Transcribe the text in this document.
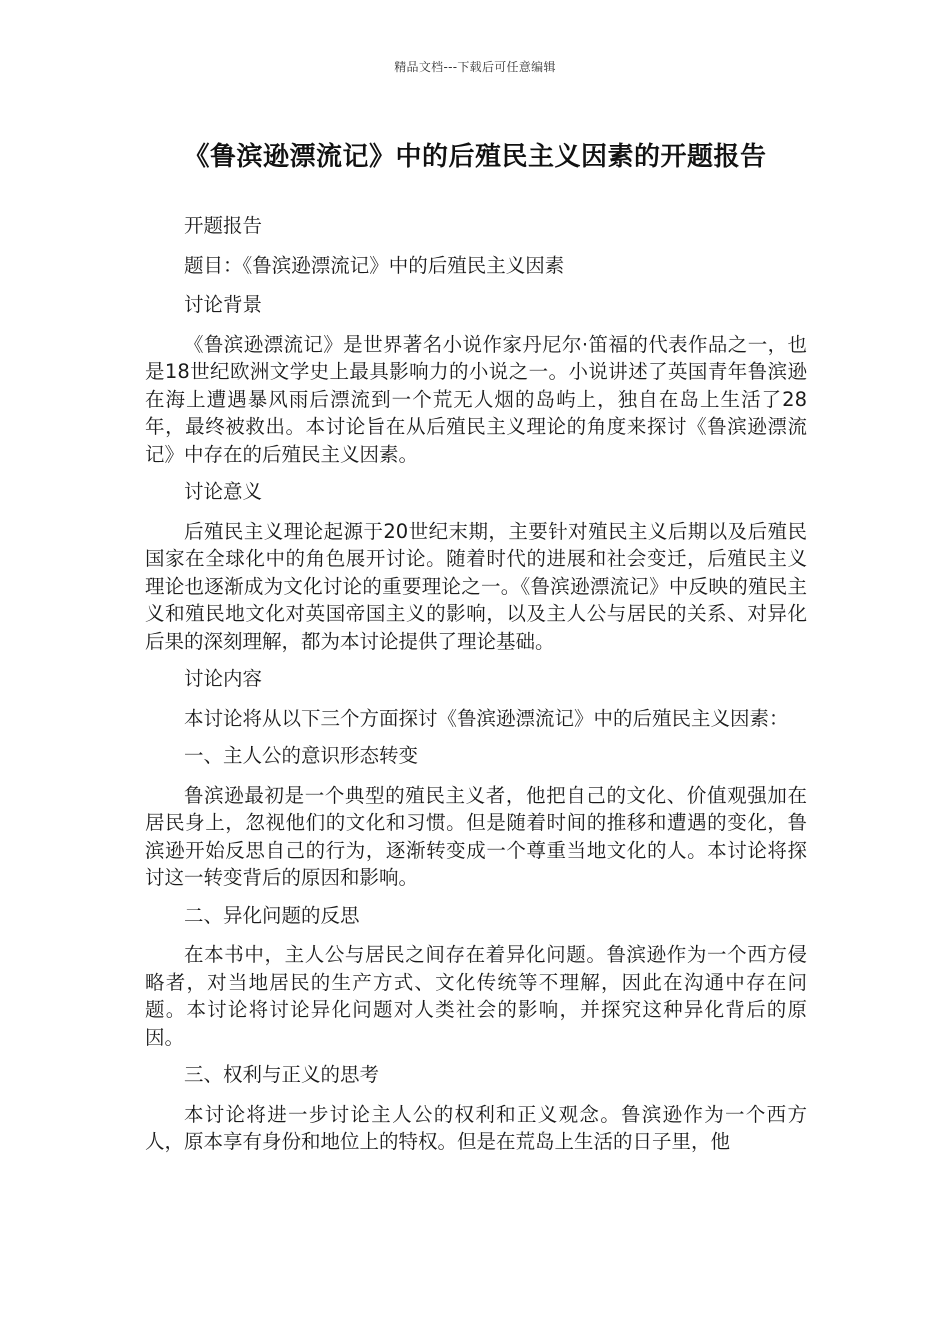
精品文档---下载后可任意编辑
《鲁滨逊漂流记》中的后殖民主义因素的开题报告

开题报告

题目：《鲁滨逊漂流记》中的后殖民主义因素

讨论背景

《鲁滨逊漂流记》是世界著名小说作家丹尼尔·笛福的代表作品之一，也是18世纪欧洲文学史上最具影响力的小说之一。小说讲述了英国青年鲁滨逊在海上遭遇暴风雨后漂流到一个荒无人烟的岛屿上，独自在岛上生活了28年，最终被救出。本讨论旨在从后殖民主义理论的角度来探讨《鲁滨逊漂流记》中存在的后殖民主义因素。

讨论意义

后殖民主义理论起源于20世纪末期，主要针对殖民主义后期以及后殖民国家在全球化中的角色展开讨论。随着时代的进展和社会变迁，后殖民主义理论也逐渐成为文化讨论的重要理论之一。《鲁滨逊漂流记》中反映的殖民主义和殖民地文化对英国帝国主义的影响，以及主人公与居民的关系、对异化后果的深刻理解，都为本讨论提供了理论基础。

讨论内容

本讨论将从以下三个方面探讨《鲁滨逊漂流记》中的后殖民主义因素：

一、主人公的意识形态转变

鲁滨逊最初是一个典型的殖民主义者，他把自己的文化、价值观强加在居民身上，忽视他们的文化和习惯。但是随着时间的推移和遭遇的变化，鲁滨逊开始反思自己的行为，逐渐转变成一个尊重当地文化的人。本讨论将探讨这一转变背后的原因和影响。

二、异化问题的反思

在本书中，主人公与居民之间存在着异化问题。鲁滨逊作为一个西方侵略者，对当地居民的生产方式、文化传统等不理解，因此在沟通中存在问题。本讨论将讨论异化问题对人类社会的影响，并探究这种异化背后的原因。

三、权利与正义的思考

本讨论将进一步讨论主人公的权利和正义观念。鲁滨逊作为一个西方人，原本享有身份和地位上的特权。但是在荒岛上生活的日子里，他
